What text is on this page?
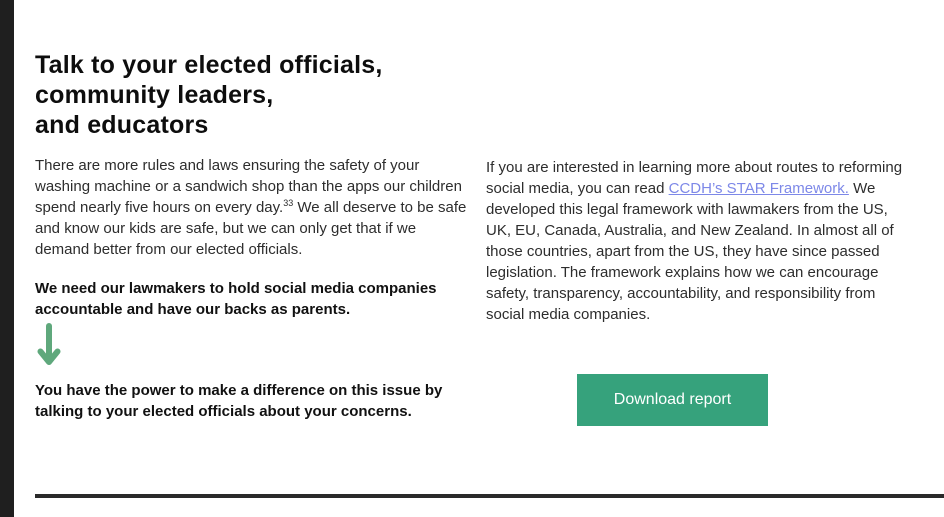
Talk to your elected officials,
community leaders,
and educators

There are more rules and laws ensuring the safety of your washing machine or a sandwich shop than the apps our children spend nearly five hours on every day.$^{33}$ We all deserve to be safe and know our kids are safe, but we can only get that if we demand better from our elected officials.

We need our lawmakers to hold social media companies accountable and have our backs as parents.

You have the power to make a difference on this issue by talking to your elected officials about your concerns.

If you are interested in learning more about routes to reforming social media, you can read CCDH’s STAR Framework. We developed this legal framework with lawmakers from the US, UK, EU, Canada, Australia, and New Zealand. In almost all of those countries, apart from the US, they have since passed legislation. The framework explains how we can encourage safety, transparency, accountability, and responsibility from social media companies.

Download report
